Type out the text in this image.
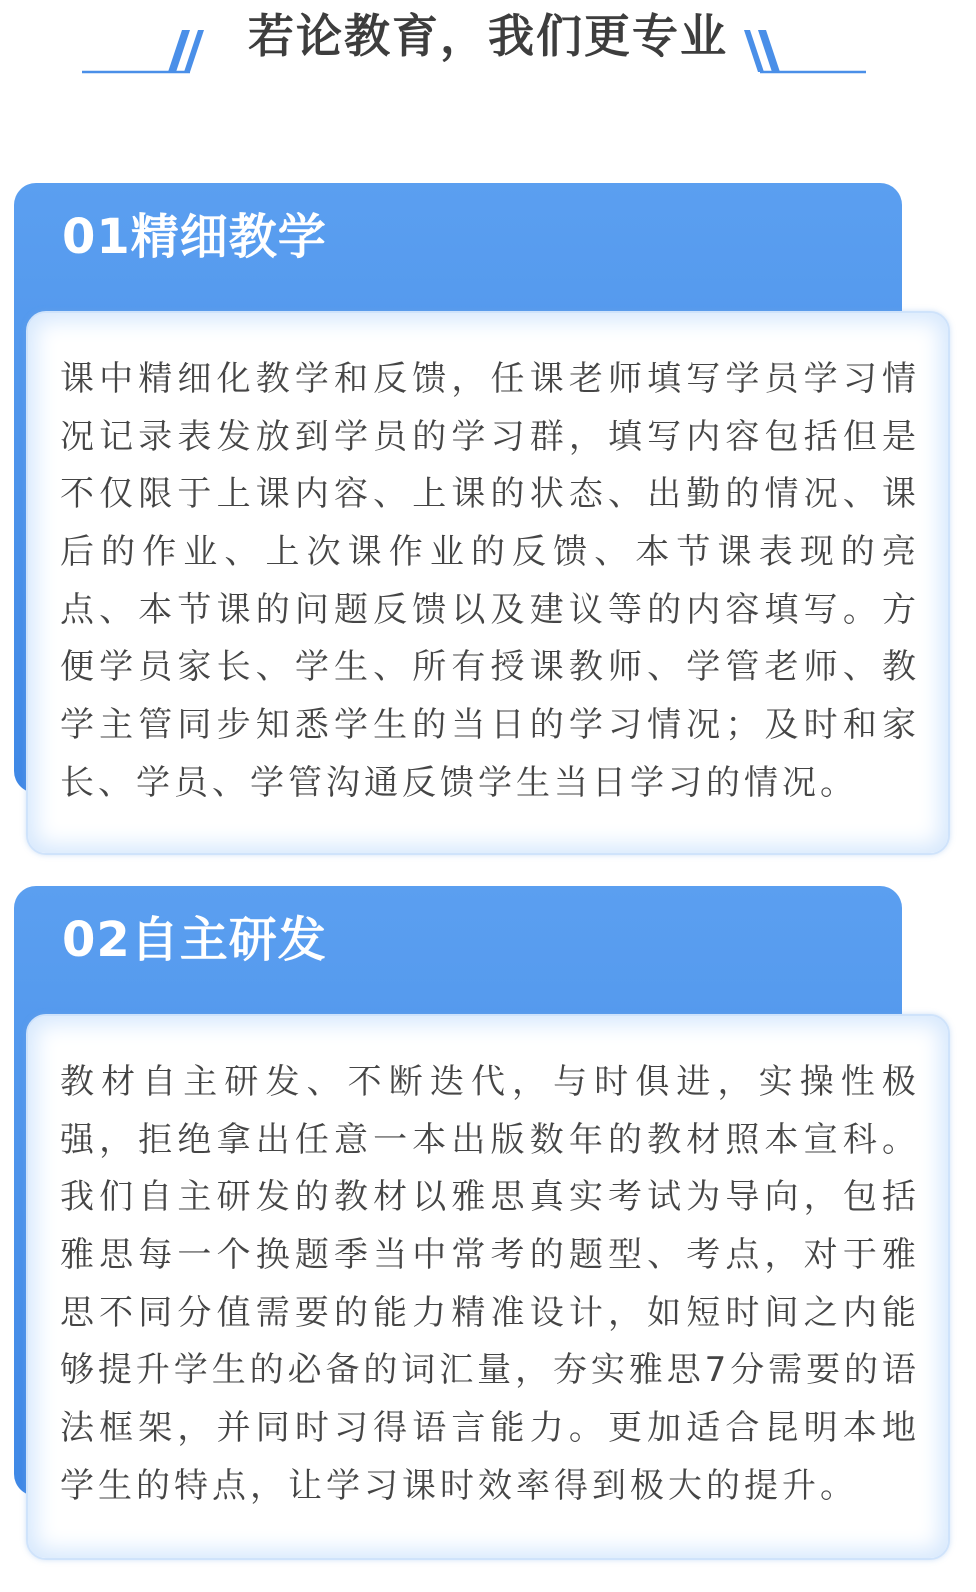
若论教育，我们更专业
01精细教学
课 中 精 细 化 教 学 和 反 馈 ， 任 课 老 师 填 写 学 员 学 习 情
况 记 录 表 发 放 到 学 员 的 学 习 群 ， 填 写 内 容 包 括 但 是
不 仅 限 于 上 课 内 容 、 上 课 的 状 态 、 出 勤 的 情 况 、 课
后 的 作 业 、 上 次 课 作 业 的 反 馈 、 本 节 课 表 现 的 亮
点 、 本 节 课 的 问 题 反 馈 以 及 建 议 等 的 内 容 填 写 。 方
便 学 员 家 长 、 学 生 、 所 有 授 课 教 师 、 学 管 老 师 、 教
学 主 管 同 步 知 悉 学 生 的 当 日 的 学 习 情 况 ； 及 时 和 家
长、学员、学管沟通反馈学生当日学习的情况。
02自主研发
教 材 自 主 研 发 、 不 断 迭 代 ， 与 时 俱 进 ， 实 操 性 极
强 ， 拒 绝 拿 出 任 意 一 本 出 版 数 年 的 教 材 照 本 宣 科 。
我 们 自 主 研 发 的 教 材 以 雅 思 真 实 考 试 为 导 向 ， 包 括
雅 思 每 一 个 换 题 季 当 中 常 考 的 题 型 、 考 点 ， 对 于 雅
思 不 同 分 值 需 要 的 能 力 精 准 设 计 ， 如 短 时 间 之 内 能
够 提 升 学 生 的 必 备 的 词 汇 量 ， 夯 实 雅 思 7 分 需 要 的 语
法 框 架 ， 并 同 时 习 得 语 言 能 力 。 更 加 适 合 昆 明 本 地
学生的特点，让学习课时效率得到极大的提升。
